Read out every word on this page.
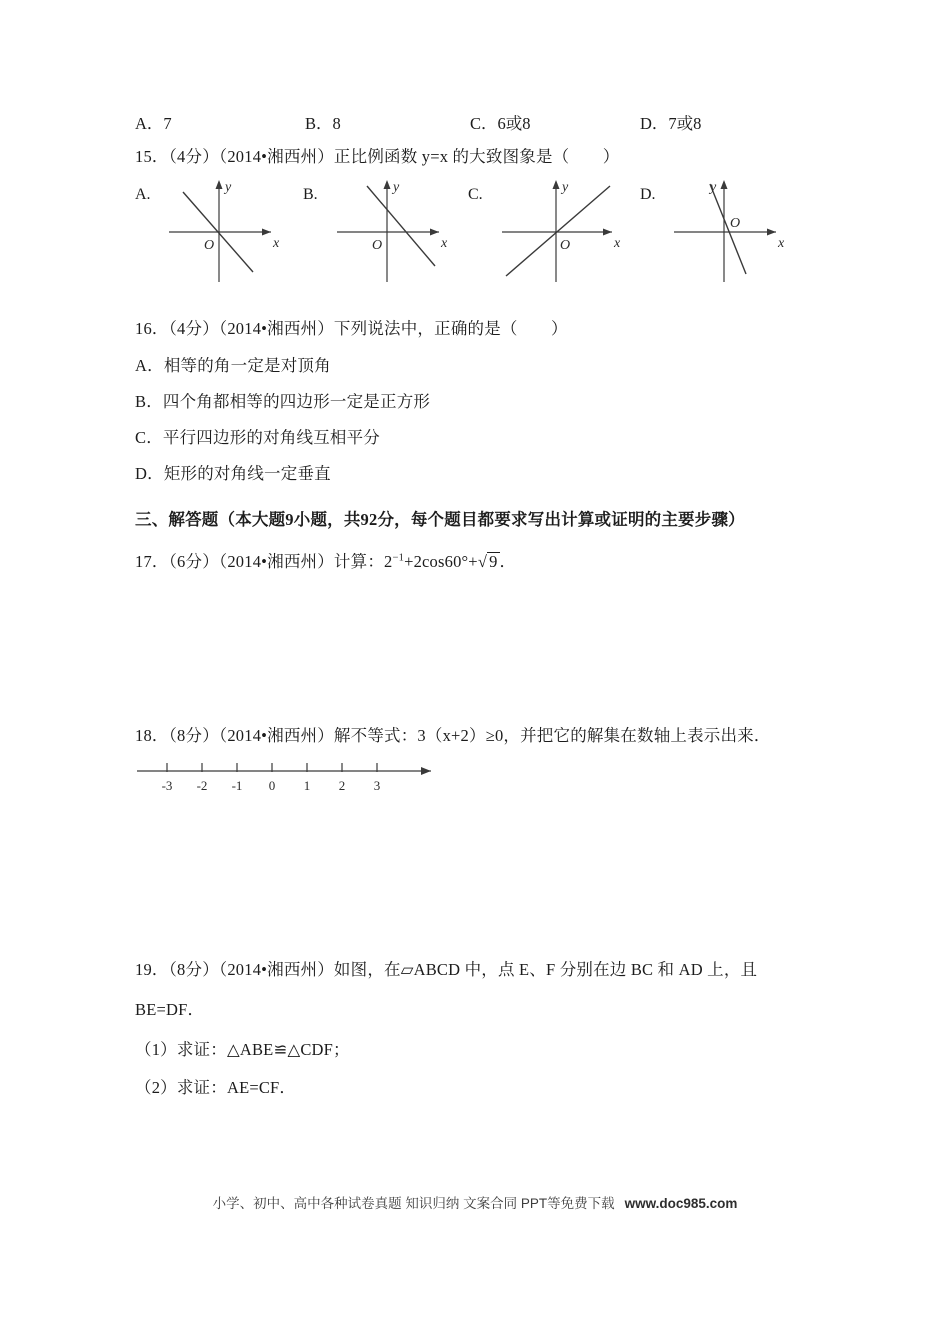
A．7	B．8	C．6或8	D．7或8
15．（4分）（2014•湘西州）正比例函数 y=x 的大致图象是（　　）
A.	y
x
O
B.	y
x
O
C.	y
x
O
D.	y
x
O
16．（4分）（2014•湘西州）下列说法中，正确的是（　　）
A．相等的角一定是对顶角
B．四个角都相等的四边形一定是正方形
C．平行四边形的对角线互相平分
D．矩形的对角线一定垂直
三、解答题（本大题9小题，共92分，每个题目都要求写出计算或证明的主要步骤）
17．（6分）（2014•湘西州）计算：$2^{-1}+2\cos 60^\circ+√$ 9 ．
18．（8分）（2014•湘西州）解不等式：3（x+2）≥0，并把它的解集在数轴上表示出来．
-3 -2 -1 0 1 2 3
19．（8分）（2014•湘西州）如图，在▱ABCD 中，点 E、F 分别在边 BC 和 AD 上，且
BE=DF．
（1）求证：△ABE≌△CDF；
（2）求证：AE=CF．
小学、初中、高中各种试卷真题 知识归纳 文案合同 PPT等免费下载 www.doc985.com
